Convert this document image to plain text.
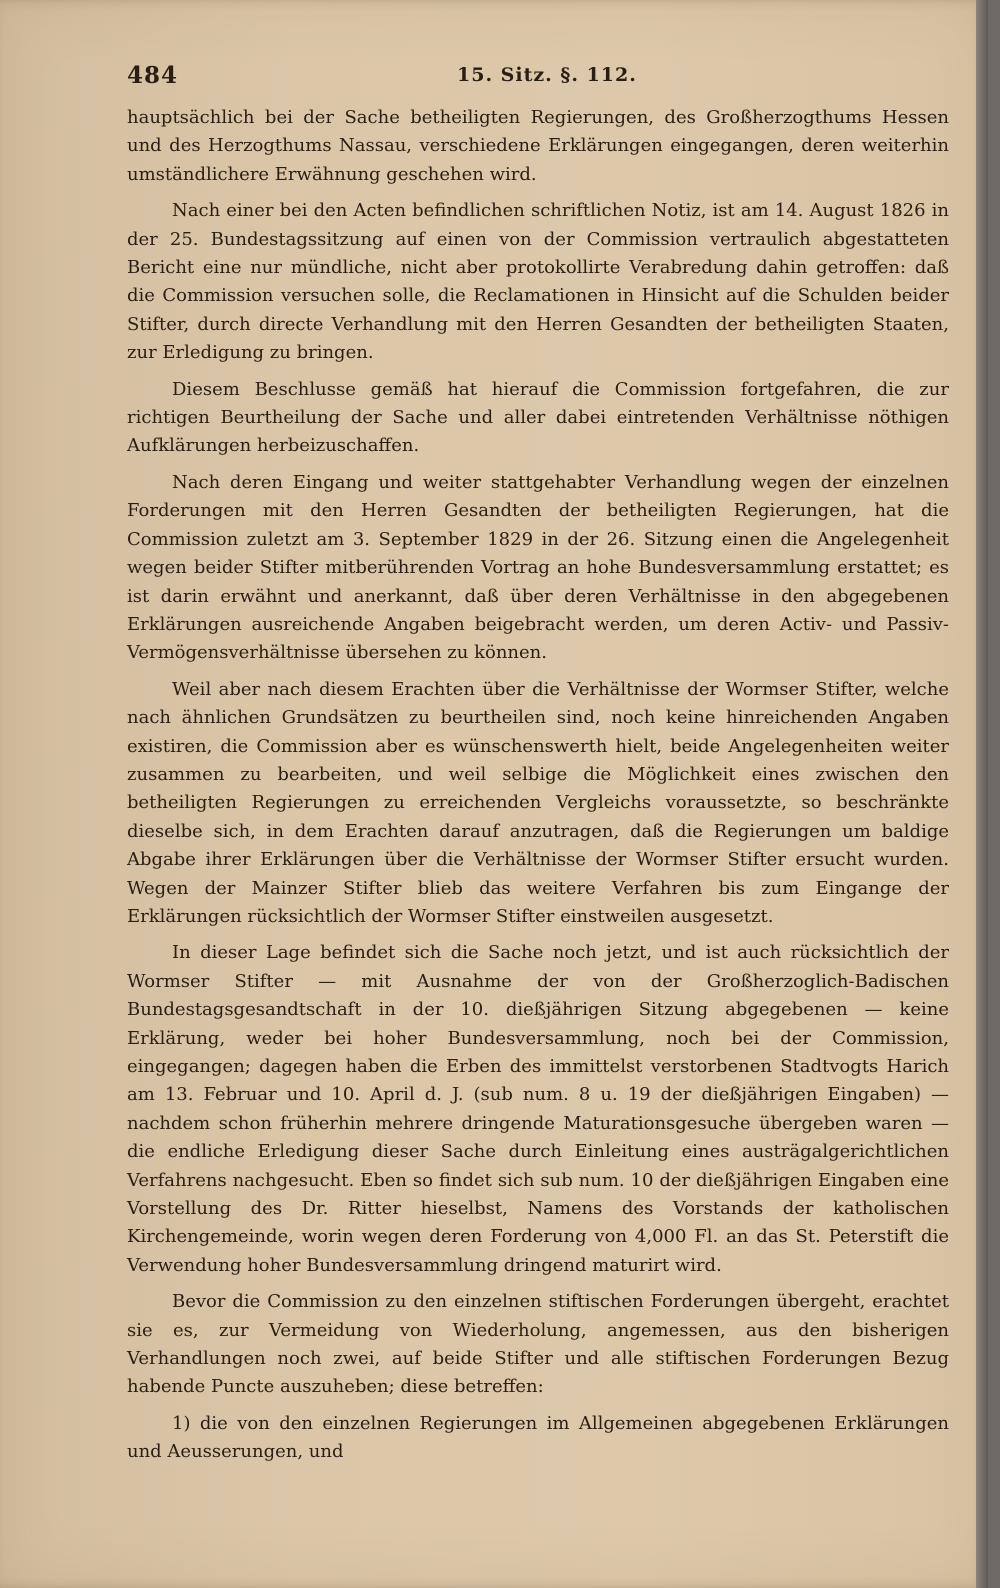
484	15. Sitz. §. 112.

hauptsächlich bei der Sache betheiligten Regierungen, des Großherzogthums Hessen und des Herzogthums Nassau, verschiedene Erklärungen eingegangen, deren weiterhin umständlichere Erwähnung geschehen wird.

Nach einer bei den Acten befindlichen schriftlichen Notiz, ist am 14. August 1826 in der 25. Bundestagssitzung auf einen von der Commission vertraulich abgestatteten Bericht eine nur mündliche, nicht aber protokollirte Verabredung dahin getroffen: daß die Commission versuchen solle, die Reclamationen in Hinsicht auf die Schulden beider Stifter, durch directe Verhandlung mit den Herren Gesandten der betheiligten Staaten, zur Erledigung zu bringen.

Diesem Beschlusse gemäß hat hierauf die Commission fortgefahren, die zur richtigen Beurtheilung der Sache und aller dabei eintretenden Verhältnisse nöthigen Aufklärungen herbeizuschaffen.

Nach deren Eingang und weiter stattgehabter Verhandlung wegen der einzelnen Forderungen mit den Herren Gesandten der betheiligten Regierungen, hat die Commission zuletzt am 3. September 1829 in der 26. Sitzung einen die Angelegenheit wegen beider Stifter mitberührenden Vortrag an hohe Bundesversammlung erstattet; es ist darin erwähnt und anerkannt, daß über deren Verhältnisse in den abgegebenen Erklärungen ausreichende Angaben beigebracht werden, um deren Activ- und Passiv-Vermögensverhältnisse übersehen zu können.

Weil aber nach diesem Erachten über die Verhältnisse der Wormser Stifter, welche nach ähnlichen Grundsätzen zu beurtheilen sind, noch keine hinreichenden Angaben existiren, die Commission aber es wünschenswerth hielt, beide Angelegenheiten weiter zusammen zu bearbeiten, und weil selbige die Möglichkeit eines zwischen den betheiligten Regierungen zu erreichenden Vergleichs voraussetzte, so beschränkte dieselbe sich, in dem Erachten darauf anzutragen, daß die Regierungen um baldige Abgabe ihrer Erklärungen über die Verhältnisse der Wormser Stifter ersucht wurden. Wegen der Mainzer Stifter blieb das weitere Verfahren bis zum Eingange der Erklärungen rücksichtlich der Wormser Stifter einstweilen ausgesetzt.

In dieser Lage befindet sich die Sache noch jetzt, und ist auch rücksichtlich der Wormser Stifter — mit Ausnahme der von der Großherzoglich-Badischen Bundestagsgesandtschaft in der 10. dießjährigen Sitzung abgegebenen — keine Erklärung, weder bei hoher Bundesversammlung, noch bei der Commission, eingegangen; dagegen haben die Erben des immittelst verstorbenen Stadtvogts Harich am 13. Februar und 10. April d. J. (sub num. 8 u. 19 der dießjährigen Eingaben) — nachdem schon früherhin mehrere dringende Maturationsgesuche übergeben waren — die endliche Erledigung dieser Sache durch Einleitung eines austrägalgerichtlichen Verfahrens nachgesucht. Eben so findet sich sub num. 10 der dießjährigen Eingaben eine Vorstellung des Dr. Ritter hieselbst, Namens des Vorstands der katholischen Kirchengemeinde, worin wegen deren Forderung von 4,000 Fl. an das St. Peterstift die Verwendung hoher Bundesversammlung dringend maturirt wird.

Bevor die Commission zu den einzelnen stiftischen Forderungen übergeht, erachtet sie es, zur Vermeidung von Wiederholung, angemessen, aus den bisherigen Verhandlungen noch zwei, auf beide Stifter und alle stiftischen Forderungen Bezug habende Puncte auszuheben; diese betreffen:

1) die von den einzelnen Regierungen im Allgemeinen abgegebenen Erklärungen und Aeusserungen, und
